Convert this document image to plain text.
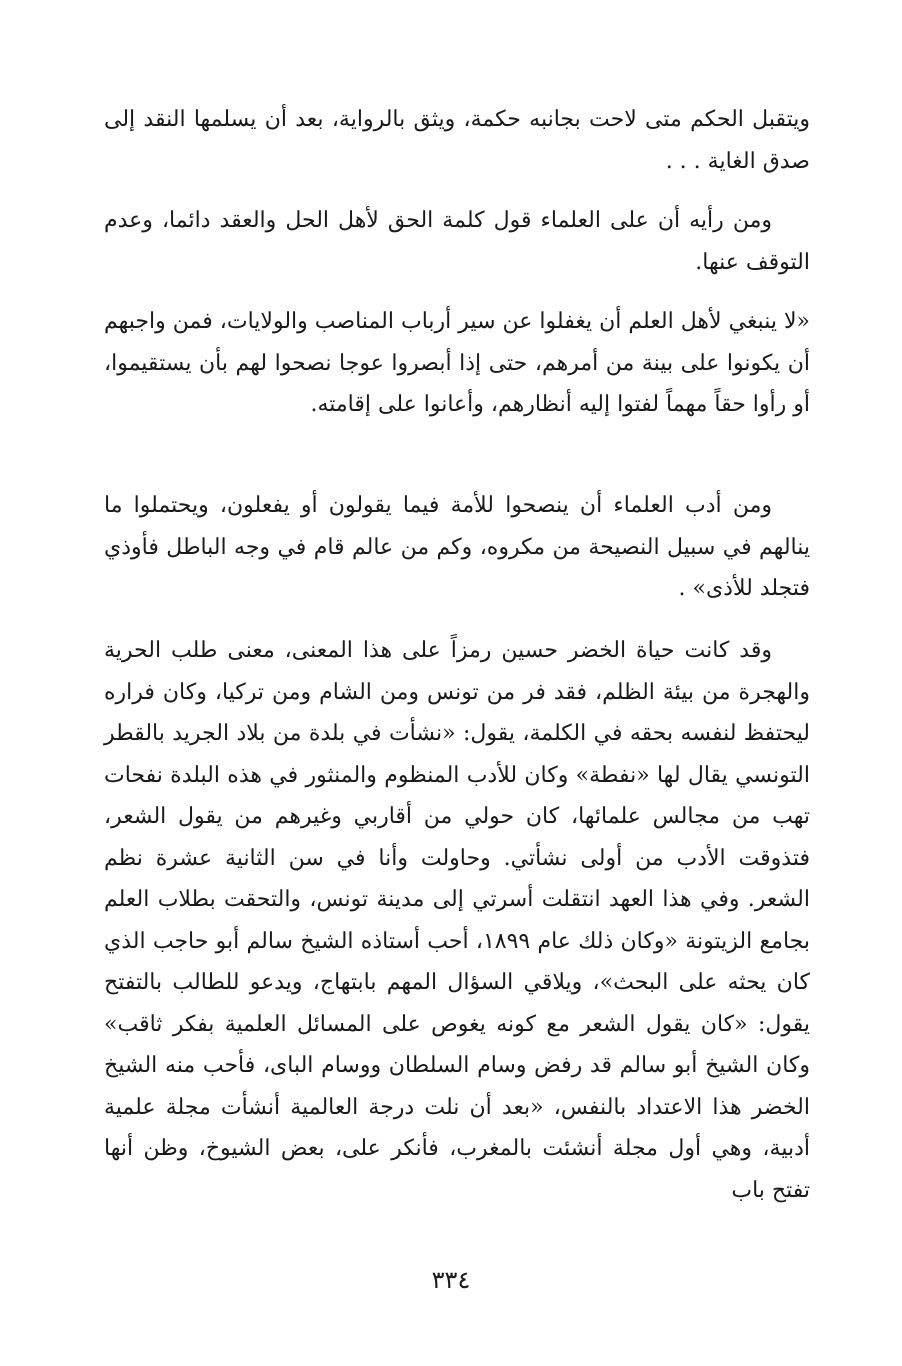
ويتقبل الحكم متى لاحت بجانبه حكمة، ويثق بالرواية، بعد أن يسلمها النقد إلى صدق الغاية . . .

ومن رأيه أن على العلماء قول كلمة الحق لأهل الحل والعقد دائما، وعدم التوقف عنها.

«لا ينبغي لأهل العلم أن يغفلوا عن سير أرباب المناصب والولايات، فمن واجبهم أن يكونوا على بينة من أمرهم، حتى إذا أبصروا عوجا نصحوا لهم بأن يستقيموا، أو رأوا حقاً مهماً لفتوا إليه أنظارهم، وأعانوا على إقامته.

ومن أدب العلماء أن ينصحوا للأمة فيما يقولون أو يفعلون، ويحتملوا ما ينالهم في سبيل النصيحة من مكروه، وكم من عالم قام في وجه الباطل فأوذي فتجلد للأذى» .

وقد كانت حياة الخضر حسين رمزاً على هذا المعنى، معنى طلب الحرية والهجرة من بيئة الظلم، فقد فر من تونس ومن الشام ومن تركيا، وكان فراره ليحتفظ لنفسه بحقه في الكلمة، يقول: «نشأت في بلدة من بلاد الجريد بالقطر التونسي يقال لها «نفطة» وكان للأدب المنظوم والمنثور في هذه البلدة نفحات تهب من مجالس علمائها، كان حولي من أقاربي وغيرهم من يقول الشعر، فتذوقت الأدب من أولى نشأتي. وحاولت وأنا في سن الثانية عشرة نظم الشعر. وفي هذا العهد انتقلت أسرتي إلى مدينة تونس، والتحقت بطلاب العلم بجامع الزيتونة «وكان ذلك عام ١٨٩٩، أحب أستاذه الشيخ سالم أبو حاجب الذي كان يحثه على البحث»، ويلاقي السؤال المهم بابتهاج، ويدعو للطالب بالتفتح يقول: «كان يقول الشعر مع كونه يغوص على المسائل العلمية بفكر ثاقب» وكان الشيخ أبو سالم قد رفض وسام السلطان ووسام الباى، فأحب منه الشيخ الخضر هذا الاعتداد بالنفس، «بعد أن نلت درجة العالمية أنشأت مجلة علمية أدبية، وهي أول مجلة أنشئت بالمغرب، فأنكر على، بعض الشيوخ، وظن أنها تفتح باب

٣٣٤
